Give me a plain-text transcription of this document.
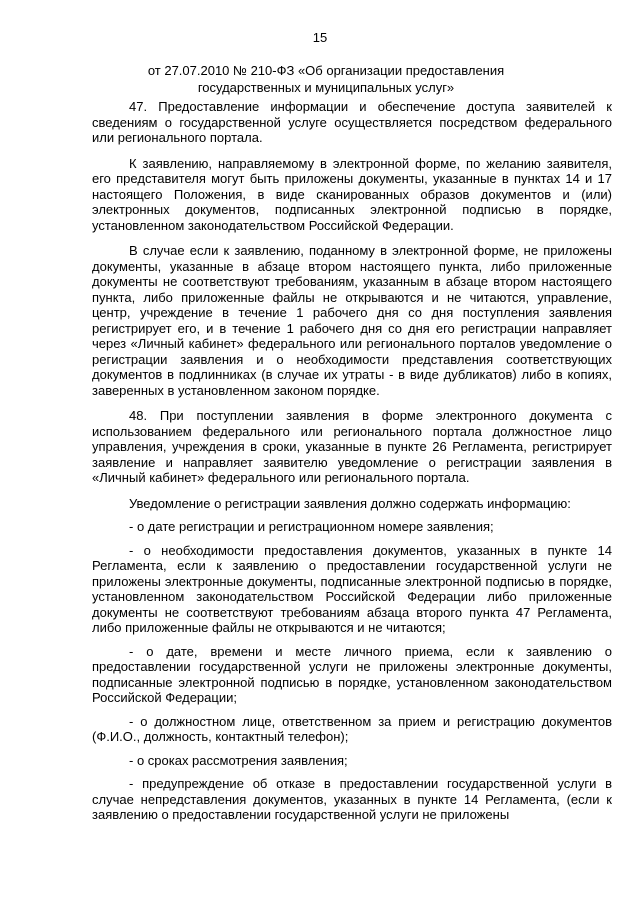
15
от 27.07.2010 № 210-ФЗ «Об организации предоставления
государственных и муниципальных услуг»

47. Предоставление информации и обеспечение доступа заявителей к сведениям о государственной услуге осуществляется посредством федерального или регионального портала.

К заявлению, направляемому в электронной форме, по желанию заявителя, его представителя могут быть приложены документы, указанные в пунктах 14 и 17 настоящего Положения, в виде сканированных образов документов и (или) электронных документов, подписанных электронной подписью в порядке, установленном законодательством Российской Федерации.

В случае если к заявлению, поданному в электронной форме, не приложены документы, указанные в абзаце втором настоящего пункта, либо приложенные документы не соответствуют требованиям, указанным в абзаце втором настоящего пункта, либо приложенные файлы не открываются и не читаются, управление, центр, учреждение в течение 1 рабочего дня со дня поступления заявления регистрирует его, и в течение 1 рабочего дня со дня его регистрации направляет через «Личный кабинет» федерального или регионального порталов уведомление о регистрации заявления и о необходимости представления соответствующих документов в подлинниках (в случае их утраты - в виде дубликатов) либо в копиях, заверенных в установленном законом порядке.

48. При поступлении заявления в форме электронного документа с использованием федерального или регионального портала должностное лицо управления, учреждения в сроки, указанные в пункте 26 Регламента, регистрирует заявление и направляет заявителю уведомление о регистрации заявления в «Личный кабинет» федерального или регионального портала.

Уведомление о регистрации заявления должно содержать информацию:

- о дате регистрации и регистрационном номере заявления;

- о необходимости предоставления документов, указанных в пункте 14 Регламента, если к заявлению о предоставлении государственной услуги не приложены электронные документы, подписанные электронной подписью в порядке, установленном законодательством Российской Федерации либо приложенные документы не соответствуют требованиям абзаца второго пункта 47 Регламента, либо приложенные файлы не открываются и не читаются;

- о дате, времени и месте личного приема, если к заявлению о предоставлении государственной услуги не приложены электронные документы, подписанные электронной подписью в порядке, установленном законодательством Российской Федерации;

- о должностном лице, ответственном за прием и регистрацию документов (Ф.И.О., должность, контактный телефон);

- о сроках рассмотрения заявления;

- предупреждение об отказе в предоставлении государственной услуги в случае непредставления документов, указанных в пункте 14 Регламента, (если к заявлению о предоставлении государственной услуги не приложены
